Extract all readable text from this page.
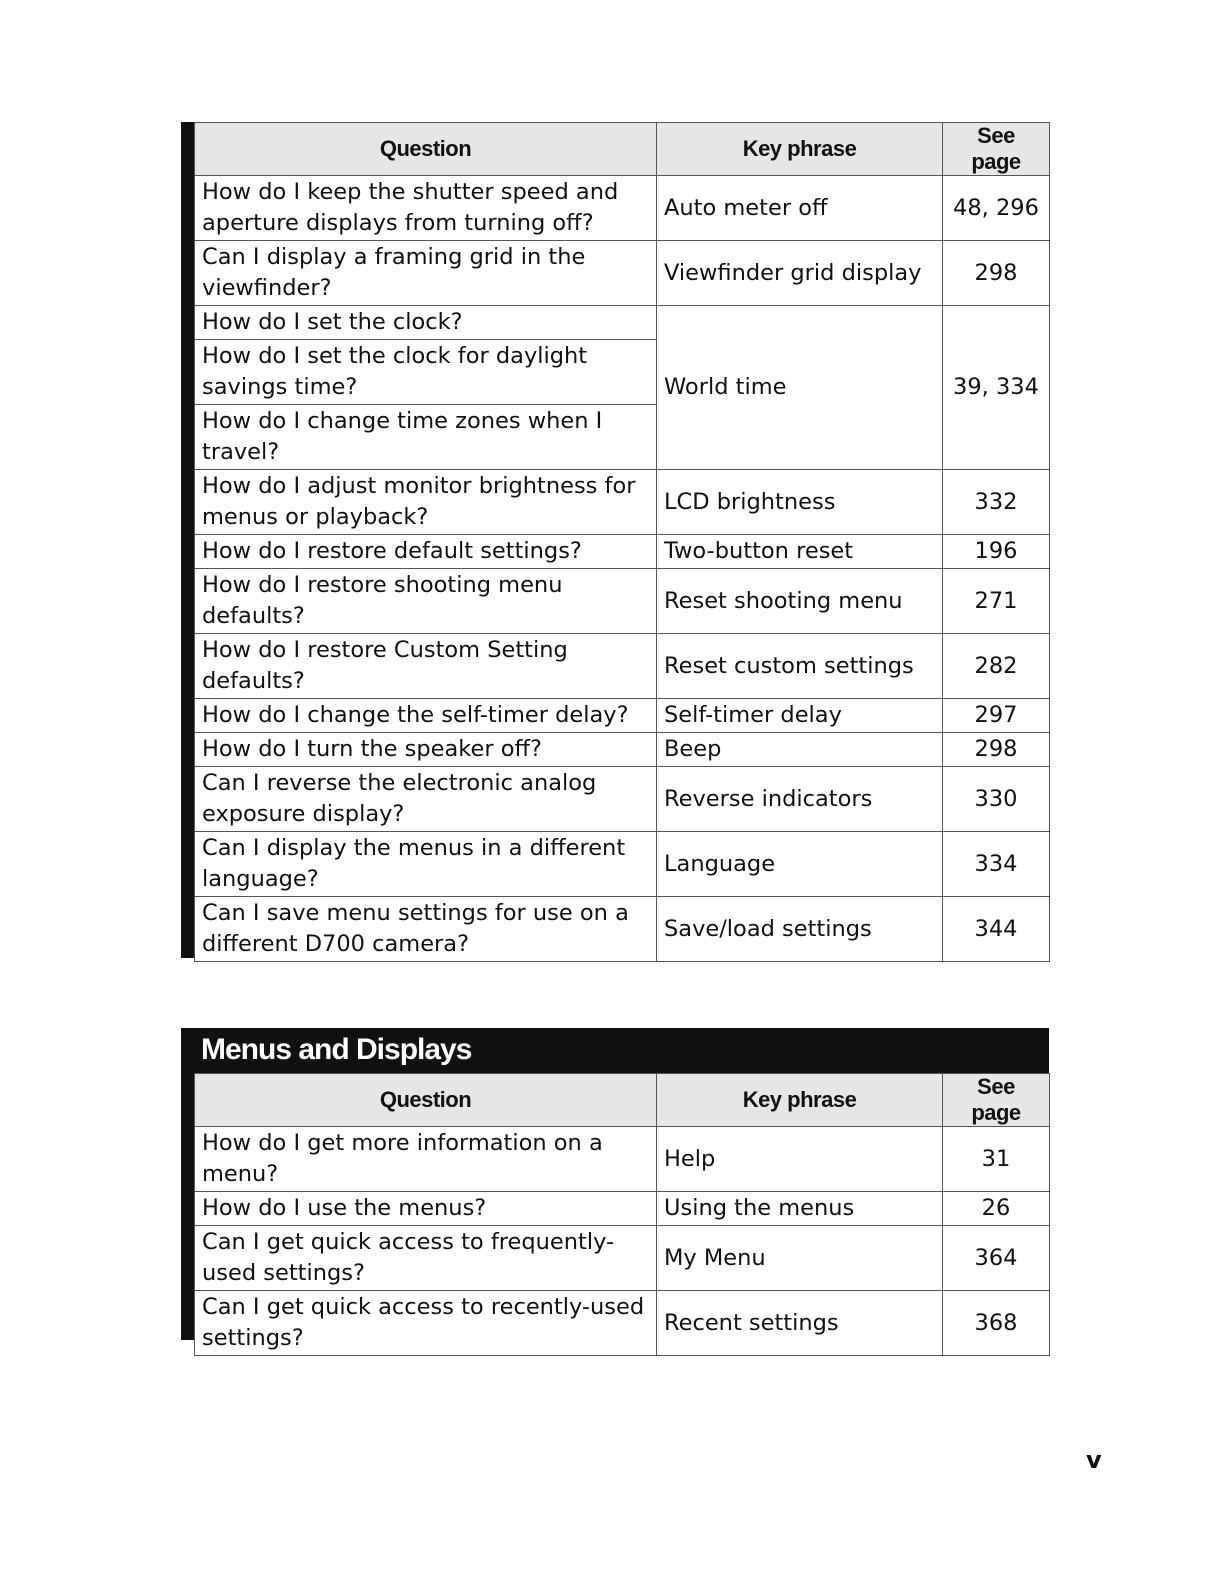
Question	Key phrase	See page
How do I keep the shutter speed and aperture displays from turning off?	Auto meter off	48, 296
Can I display a framing grid in the viewfinder?	Viewfinder grid display	298
How do I set the clock?	World time	39, 334
How do I set the clock for daylight savings time?		
How do I change time zones when I travel?		
How do I adjust monitor brightness for menus or playback?	LCD brightness	332
How do I restore default settings?	Two-button reset	196
How do I restore shooting menu defaults?	Reset shooting menu	271
How do I restore Custom Setting defaults?	Reset custom settings	282
How do I change the self-timer delay?	Self-timer delay	297
How do I turn the speaker off?	Beep	298
Can I reverse the electronic analog exposure display?	Reverse indicators	330
Can I display the menus in a different language?	Language	334
Can I save menu settings for use on a different D700 camera?	Save/load settings	344
Menus and Displays
Question	Key phrase	See page
How do I get more information on a menu?	Help	31
How do I use the menus?	Using the menus	26
Can I get quick access to frequently-used settings?	My Menu	364
Can I get quick access to recently-used settings?	Recent settings	368
v
